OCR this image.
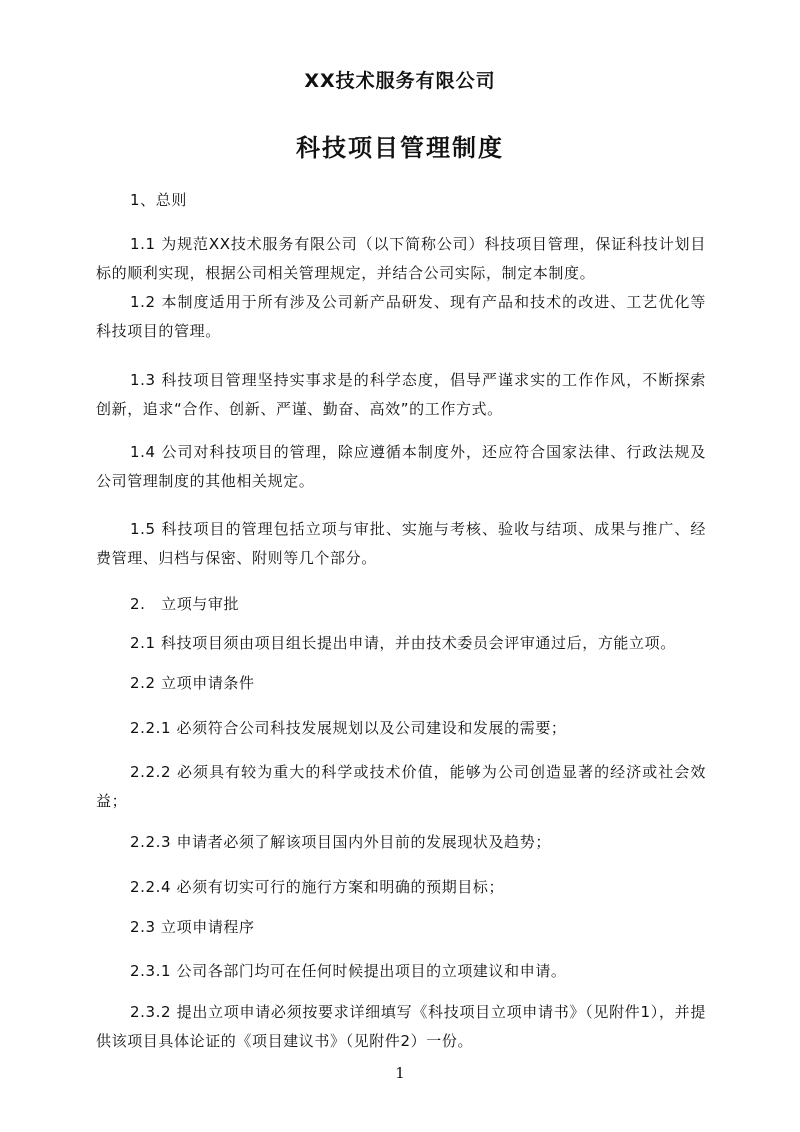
XX技术服务有限公司
科技项目管理制度
1、总则
1.1 为规范XX技术服务有限公司（以下简称公司）科技项目管理，保证科技计划目标的顺利实现，根据公司相关管理规定，并结合公司实际，制定本制度。
1.2 本制度适用于所有涉及公司新产品研发、现有产品和技术的改进、工艺优化等科技项目的管理。
1.3 科技项目管理坚持实事求是的科学态度，倡导严谨求实的工作作风，不断探索创新，追求“合作、创新、严谨、勤奋、高效”的工作方式。
1.4 公司对科技项目的管理，除应遵循本制度外，还应符合国家法律、行政法规及公司管理制度的其他相关规定。
1.5 科技项目的管理包括立项与审批、实施与考核、验收与结项、成果与推广、经费管理、归档与保密、附则等几个部分。
2.　立项与审批
2.1 科技项目须由项目组长提出申请，并由技术委员会评审通过后，方能立项。
2.2 立项申请条件
2.2.1 必须符合公司科技发展规划以及公司建设和发展的需要；
2.2.2 必须具有较为重大的科学或技术价值，能够为公司创造显著的经济或社会效益；
2.2.3 申请者必须了解该项目国内外目前的发展现状及趋势；
2.2.4 必须有切实可行的施行方案和明确的预期目标；
2.3 立项申请程序
2.3.1 公司各部门均可在任何时候提出项目的立项建议和申请。
2.3.2 提出立项申请必须按要求详细填写《科技项目立项申请书》（见附件1），并提供该项目具体论证的《项目建议书》（见附件2）一份。
1
